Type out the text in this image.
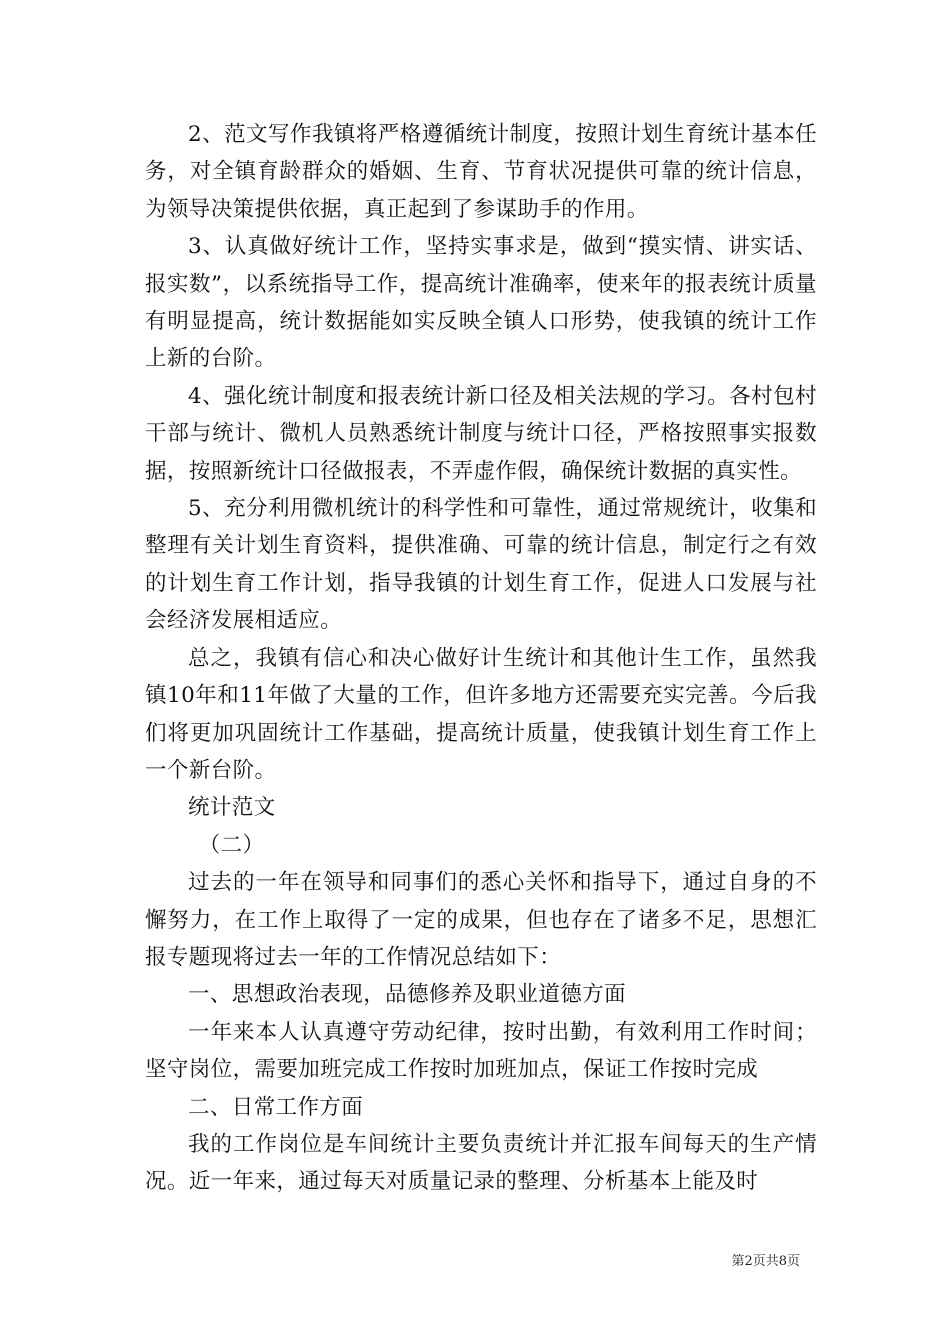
2、范文写作我镇将严格遵循统计制度，按照计划生育统计基本任务，对全镇育龄群众的婚姻、生育、节育状况提供可靠的统计信息，为领导决策提供依据，真正起到了参谋助手的作用。

3、认真做好统计工作，坚持实事求是，做到“摸实情、讲实话、报实数”，以系统指导工作，提高统计准确率，使来年的报表统计质量有明显提高，统计数据能如实反映全镇人口形势，使我镇的统计工作上新的台阶。

4、强化统计制度和报表统计新口径及相关法规的学习。各村包村干部与统计、微机人员熟悉统计制度与统计口径，严格按照事实报数据，按照新统计口径做报表，不弄虚作假，确保统计数据的真实性。

5、充分利用微机统计的科学性和可靠性，通过常规统计，收集和整理有关计划生育资料，提供准确、可靠的统计信息，制定行之有效的计划生育工作计划，指导我镇的计划生育工作，促进人口发展与社会经济发展相适应。

总之，我镇有信心和决心做好计生统计和其他计生工作，虽然我镇10年和11年做了大量的工作，但许多地方还需要充实完善。今后我们将更加巩固统计工作基础，提高统计质量，使我镇计划生育工作上一个新台阶。

统计范文

（二）

过去的一年在领导和同事们的悉心关怀和指导下，通过自身的不懈努力，在工作上取得了一定的成果，但也存在了诸多不足，思想汇报专题现将过去一年的工作情况总结如下：

一、思想政治表现，品德修养及职业道德方面

一年来本人认真遵守劳动纪律，按时出勤，有效利用工作时间；坚守岗位，需要加班完成工作按时加班加点，保证工作按时完成

二、日常工作方面

我的工作岗位是车间统计主要负责统计并汇报车间每天的生产情况。近一年来，通过每天对质量记录的整理、分析基本上能及时

第2页共8页
